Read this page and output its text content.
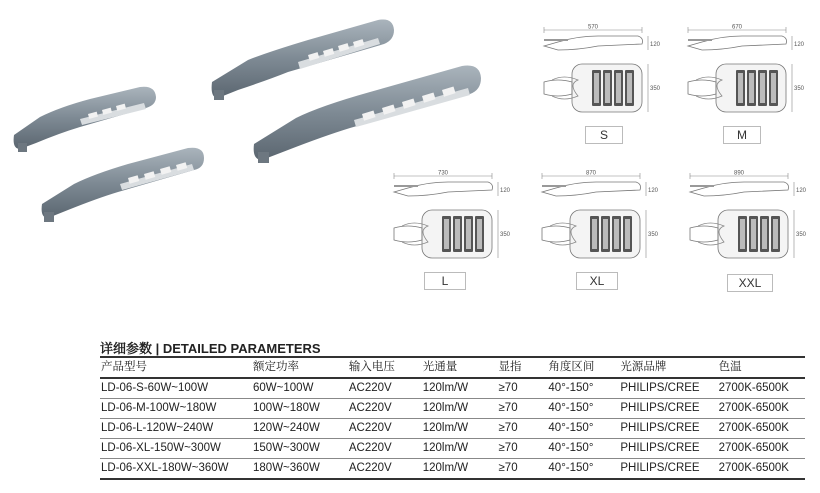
570
120
350
S
670
120
350
M
730
120
350
L
870
120
350
XL
890
120
350
XXL
详细参数 | DETAILED PARAMETERS
产品型号	额定功率	输入电压	光通量	显指	角度区间	光源品牌	色温
LD-06-S-60W~100W	60W~100W	AC220V	120lm/W	≥70	40°-150°	PHILIPS/CREE	2700K-6500K
LD-06-M-100W~180W	100W~180W	AC220V	120lm/W	≥70	40°-150°	PHILIPS/CREE	2700K-6500K
LD-06-L-120W~240W	120W~240W	AC220V	120lm/W	≥70	40°-150°	PHILIPS/CREE	2700K-6500K
LD-06-XL-150W~300W	150W~300W	AC220V	120lm/W	≥70	40°-150°	PHILIPS/CREE	2700K-6500K
LD-06-XXL-180W~360W	180W~360W	AC220V	120lm/W	≥70	40°-150°	PHILIPS/CREE	2700K-6500K
